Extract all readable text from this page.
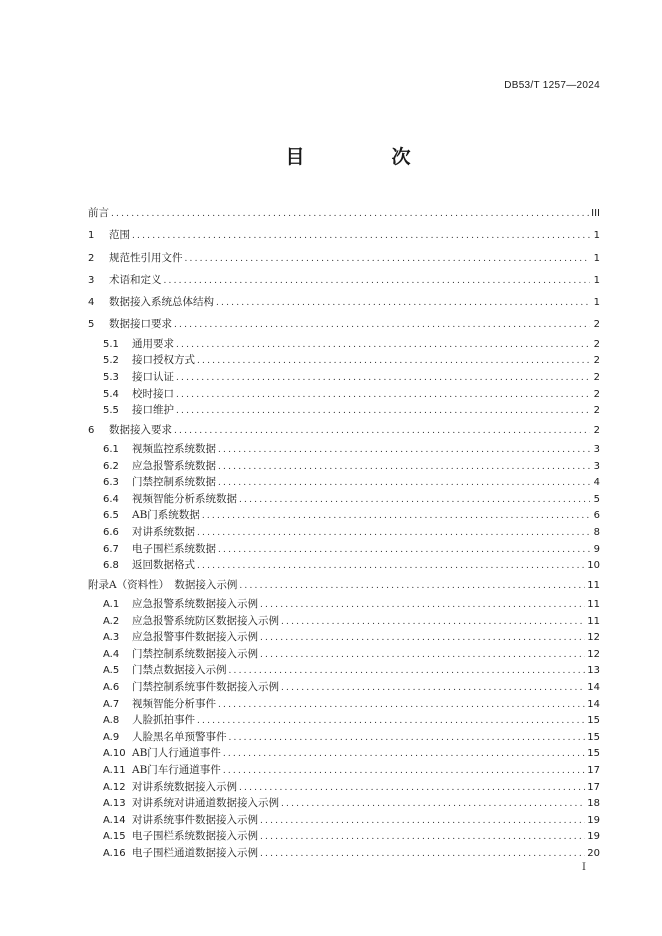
DB53/T 1257—2024
目　次
前言 .....	III
1	范围 .....	1
2	规范性引用文件 .....	1
3	术语和定义 .....	1
4	数据接入系统总体结构 .....	1
5	数据接口要求 .....	2
5.1	通用要求 .....	2
5.2	接口授权方式 .....	2
5.3	接口认证 .....	2
5.4	校时接口 .....	2
5.5	接口维护 .....	2
6	数据接入要求 .....	2
6.1	视频监控系统数据 .....	3
6.2	应急报警系统数据 .....	3
6.3	门禁控制系统数据 .....	4
6.4	视频智能分析系统数据 .....	5
6.5	AB门系统数据 .....	6
6.6	对讲系统数据 .....	8
6.7	电子围栏系统数据 .....	9
6.8	返回数据格式 .....	10
附录A（资料性）　数据接入示例 .....	11
A.1	应急报警系统数据接入示例 .....	11
A.2	应急报警系统防区数据接入示例 .....	11
A.3	应急报警事件数据接入示例 .....	12
A.4	门禁控制系统数据接入示例 .....	12
A.5	门禁点数据接入示例 .....	13
A.6	门禁控制系统事件数据接入示例 .....	14
A.7	视频智能分析事件 .....	14
A.8	人脸抓拍事件 .....	15
A.9	人脸黑名单预警事件 .....	15
A.10 AB门人行通道事件 .....	15
A.11 AB门车行通道事件 .....	17
A.12 对讲系统数据接入示例 .....	17
A.13 对讲系统对讲通道数据接入示例 .....	18
A.14 对讲系统事件数据接入示例 .....	19
A.15 电子围栏系统数据接入示例 .....	19
A.16 电子围栏通道数据接入示例 .....	20
I
